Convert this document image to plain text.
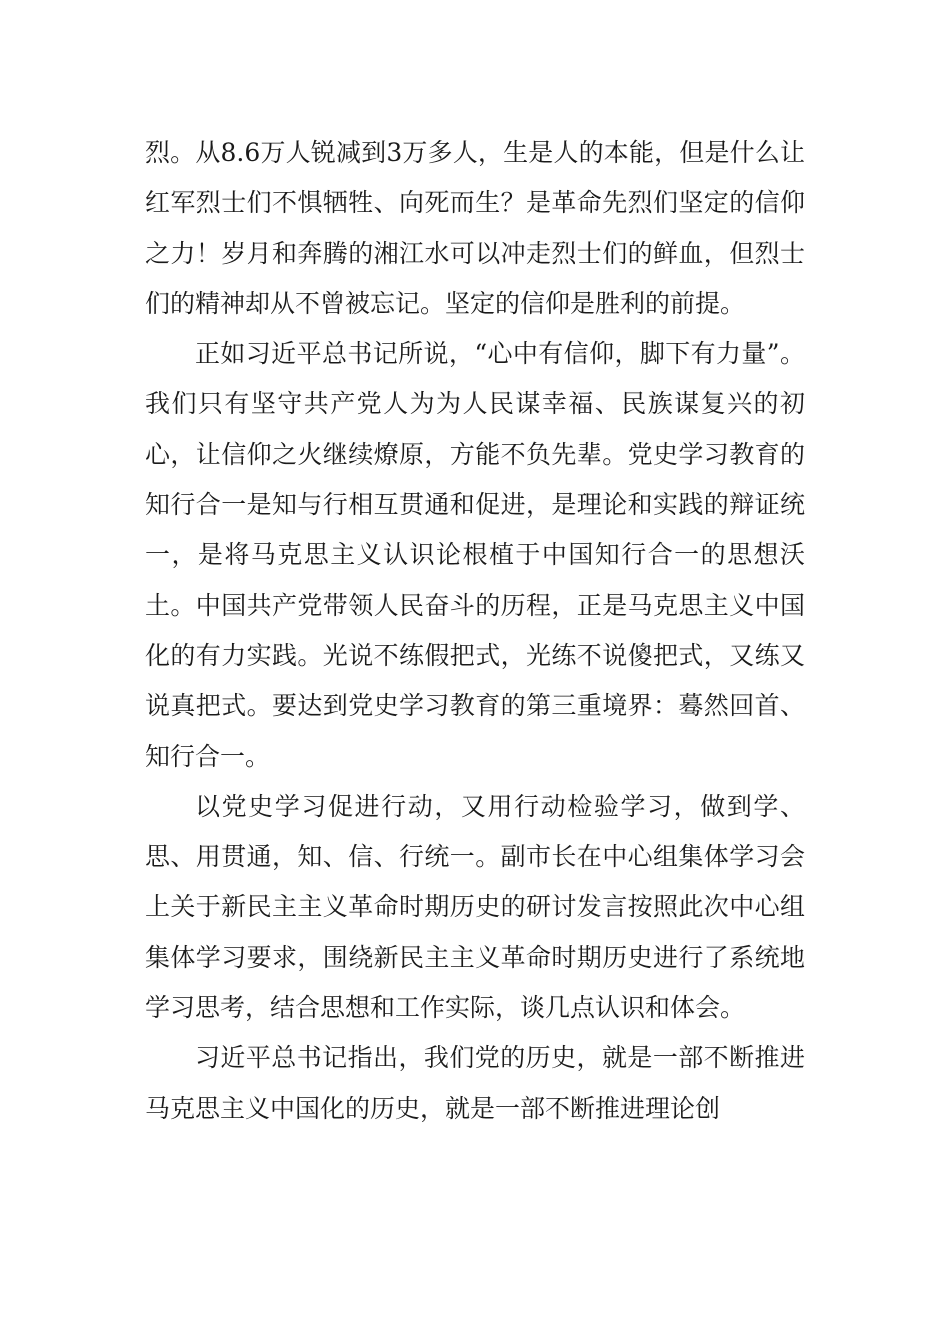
烈。从8.6万人锐减到3万多人，生是人的本能，但是什么让红军烈士们不惧牺牲、向死而生？是革命先烈们坚定的信仰之力！岁月和奔腾的湘江水可以冲走烈士们的鲜血，但烈士们的精神却从不曾被忘记。坚定的信仰是胜利的前提。

正如习近平总书记所说，“心中有信仰，脚下有力量”。我们只有坚守共产党人为为人民谋幸福、民族谋复兴的初心，让信仰之火继续燎原，方能不负先辈。党史学习教育的知行合一是知与行相互贯通和促进，是理论和实践的辩证统一，是将马克思主义认识论根植于中国知行合一的思想沃土。中国共产党带领人民奋斗的历程，正是马克思主义中国化的有力实践。光说不练假把式，光练不说傻把式，又练又说真把式。要达到党史学习教育的第三重境界：蓦然回首、知行合一。

以党史学习促进行动，又用行动检验学习，做到学、思、用贯通，知、信、行统一。副市长在中心组集体学习会上关于新民主主义革命时期历史的研讨发言按照此次中心组集体学习要求，围绕新民主主义革命时期历史进行了系统地学习思考，结合思想和工作实际，谈几点认识和体会。

习近平总书记指出，我们党的历史，就是一部不断推进马克思主义中国化的历史，就是一部不断推进理论创
